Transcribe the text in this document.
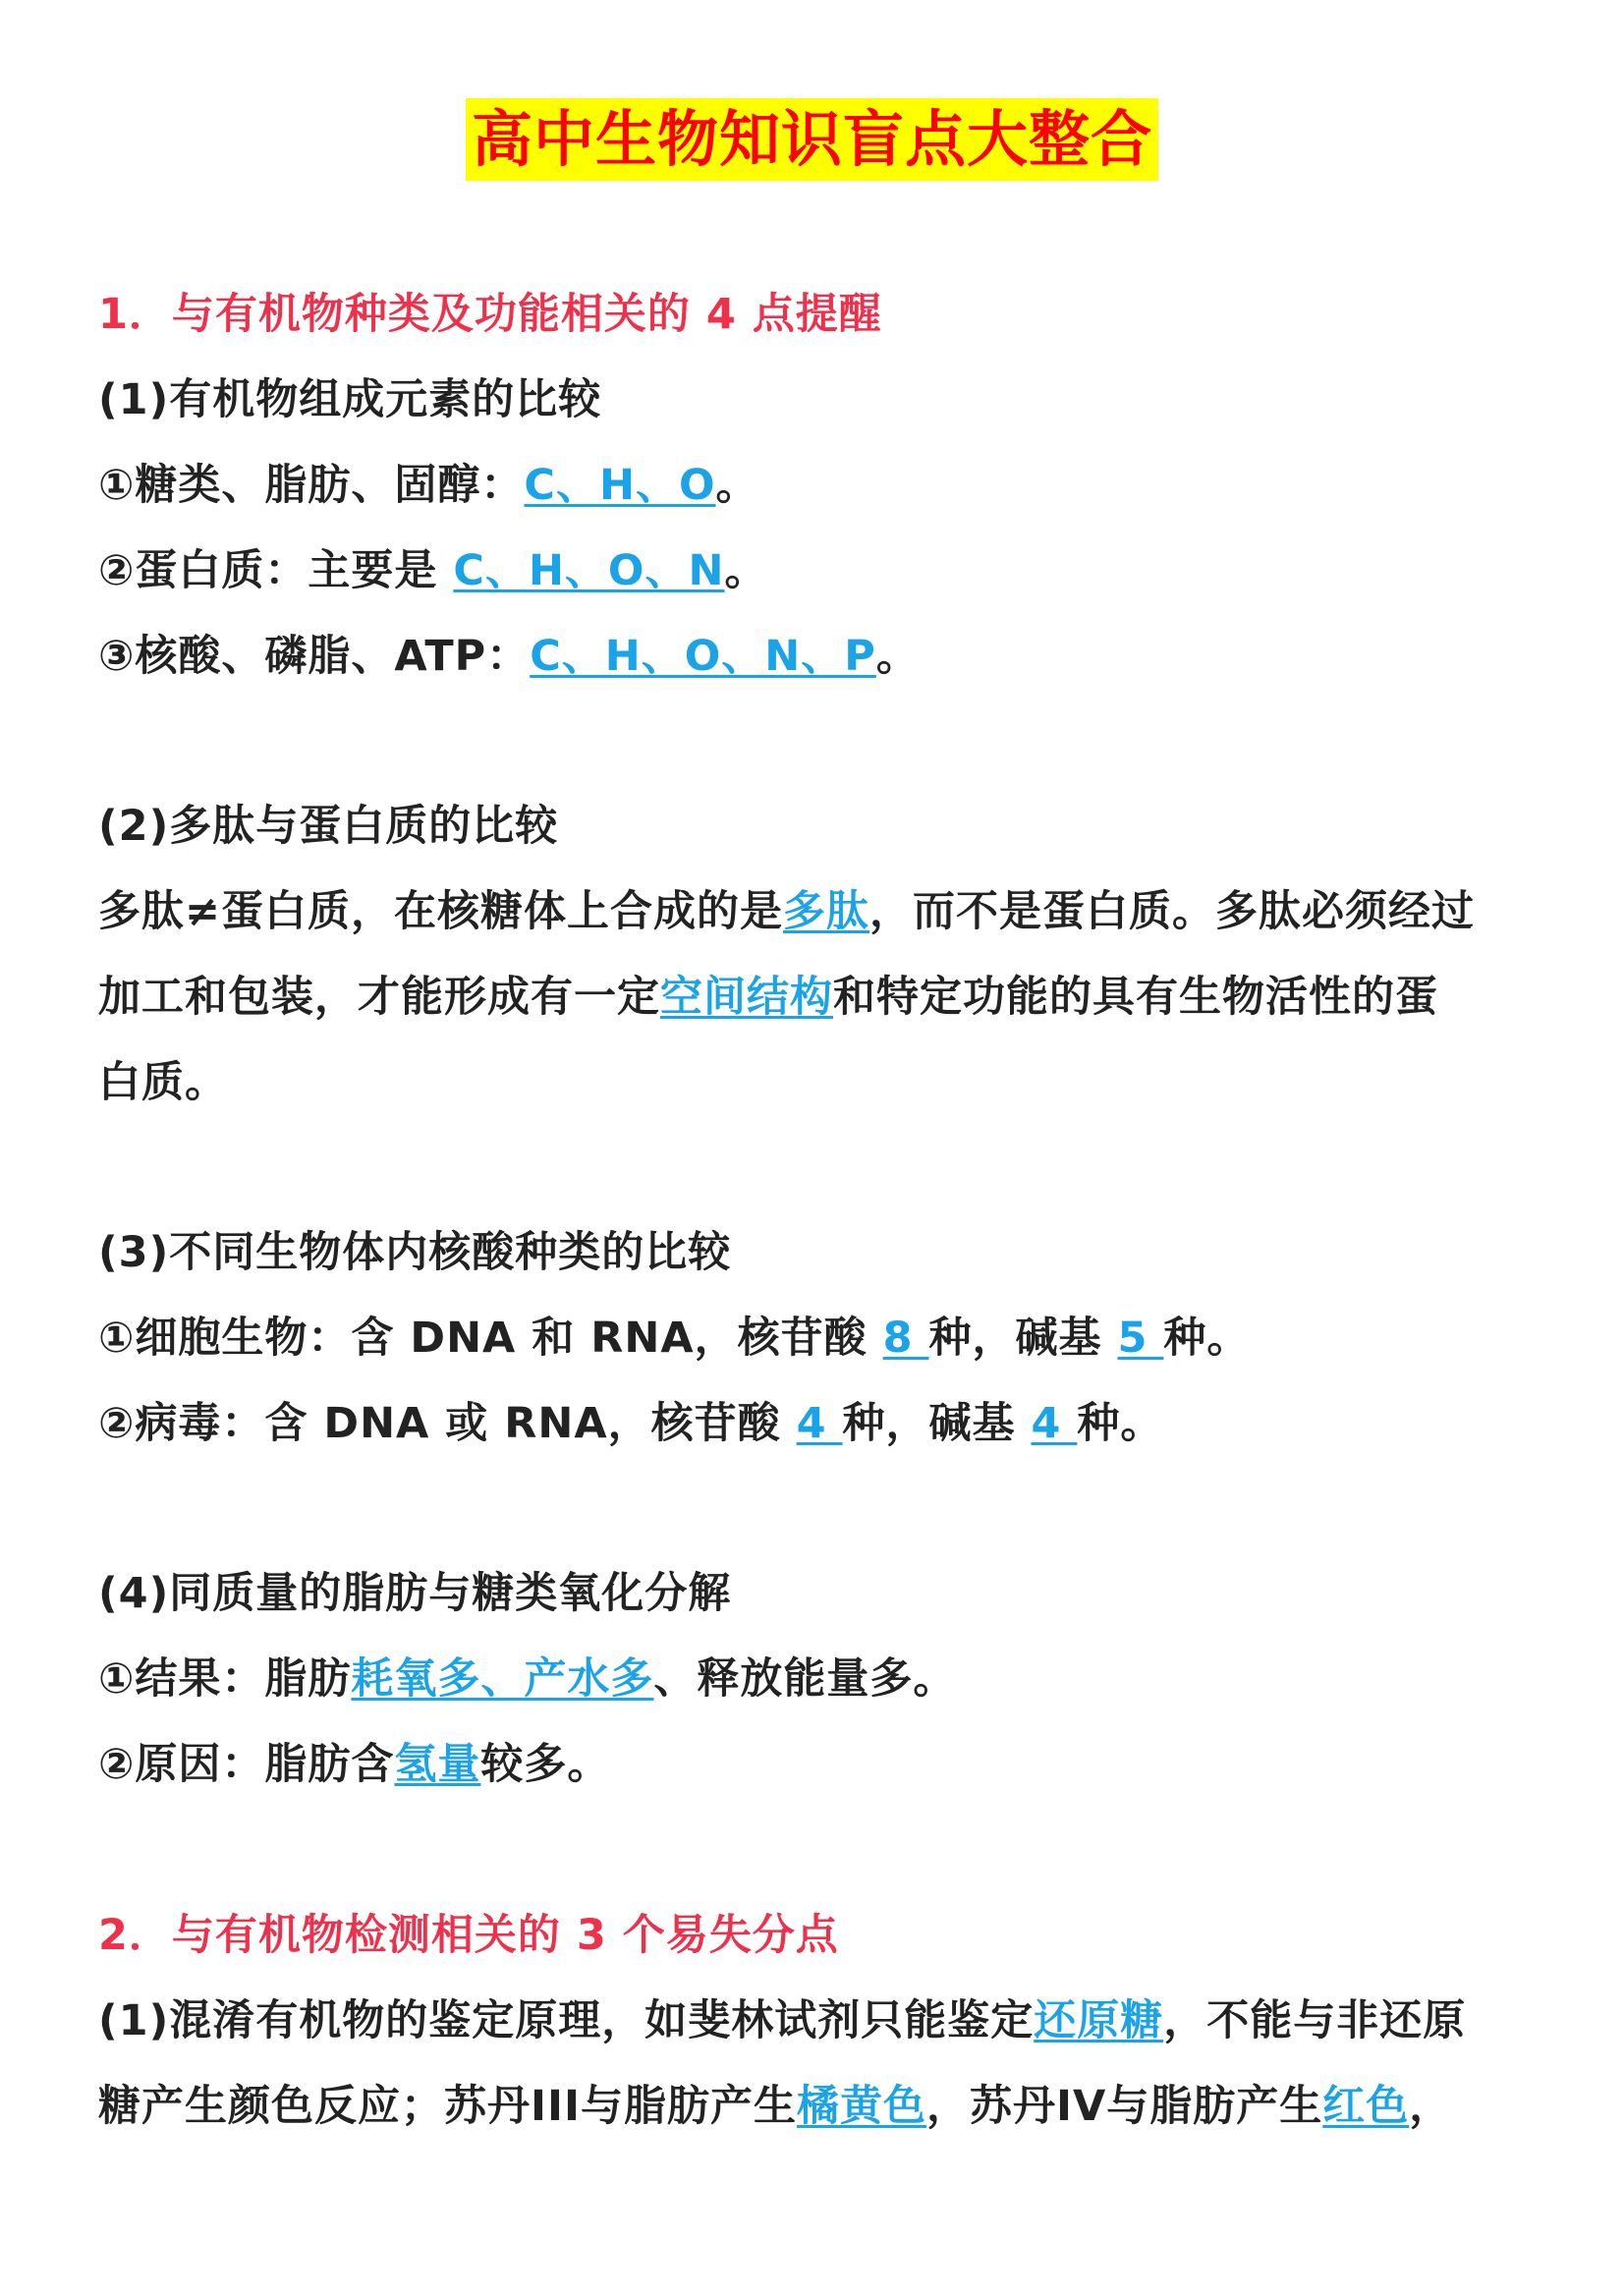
高中生物知识盲点大整合
1．与有机物种类及功能相关的 4 点提醒
(1)有机物组成元素的比较
①糖类、脂肪、固醇：C、H、O。
②蛋白质：主要是 C、H、O、N。
③核酸、磷脂、ATP：C、H、O、N、P。
(2)多肽与蛋白质的比较
多肽≠蛋白质，在核糖体上合成的是多肽，而不是蛋白质。多肽必须经过
加工和包装，才能形成有一定空间结构和特定功能的具有生物活性的蛋
白质。
(3)不同生物体内核酸种类的比较
①细胞生物：含 DNA 和 RNA，核苷酸 8 种，碱基 5 种。
②病毒：含 DNA 或 RNA，核苷酸 4 种，碱基 4 种。
(4)同质量的脂肪与糖类氧化分解
①结果：脂肪耗氧多、产水多、释放能量多。
②原因：脂肪含氢量较多。
2．与有机物检测相关的 3 个易失分点
(1)混淆有机物的鉴定原理，如斐林试剂只能鉴定还原糖，不能与非还原
糖产生颜色反应；苏丹III与脂肪产生橘黄色，苏丹IV与脂肪产生红色，
